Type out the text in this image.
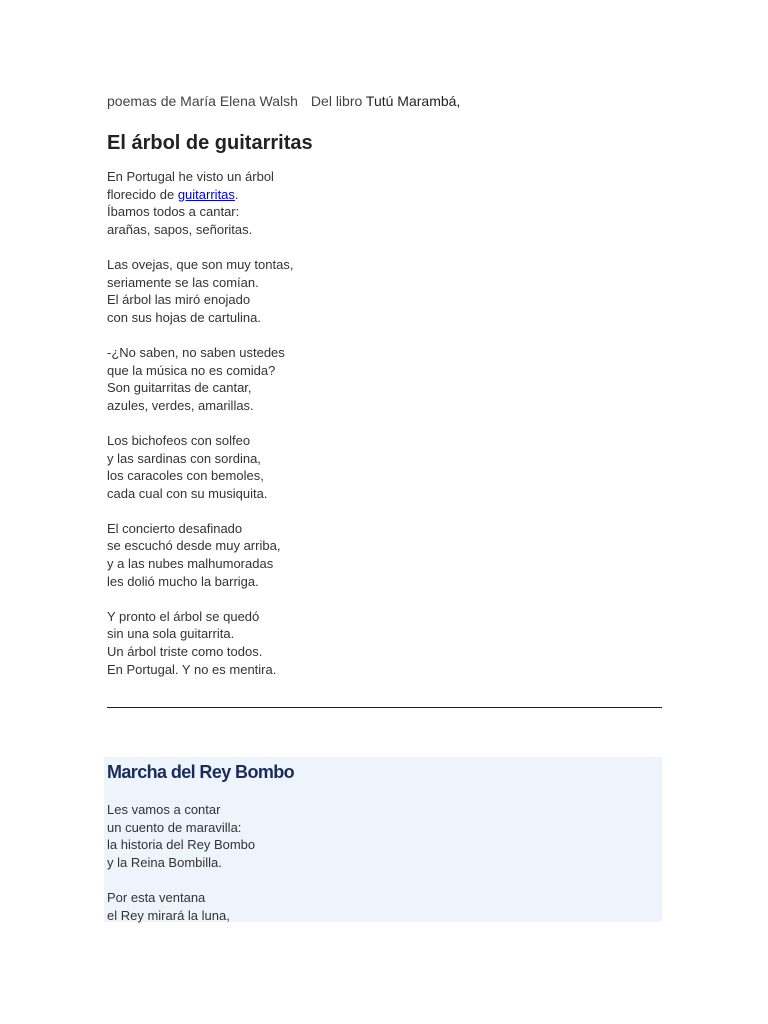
poemas de María Elena Walsh Del libro Tutú Marambá,
El árbol de guitarritas
En Portugal he visto un árbol
florecido de guitarritas.
Íbamos todos a cantar:
arañas, sapos, señoritas.
Las ovejas, que son muy tontas,
seriamente se las comían.
El árbol las miró enojado
con sus hojas de cartulina.
-¿No saben, no saben ustedes
que la música no es comida?
Son guitarritas de cantar,
azules, verdes, amarillas.
Los bichofeos con solfeo
y las sardinas con sordina,
los caracoles con bemoles,
cada cual con su musiquita.
El concierto desafinado
se escuchó desde muy arriba,
y a las nubes malhumoradas
les dolió mucho la barriga.
Y pronto el árbol se quedó
sin una sola guitarrita.
Un árbol triste como todos.
En Portugal. Y no es mentira.
Marcha del Rey Bombo
Les vamos a contar
un cuento de maravilla:
la historia del Rey Bombo
y la Reina Bombilla.
Por esta ventana
el Rey mirará la luna,
